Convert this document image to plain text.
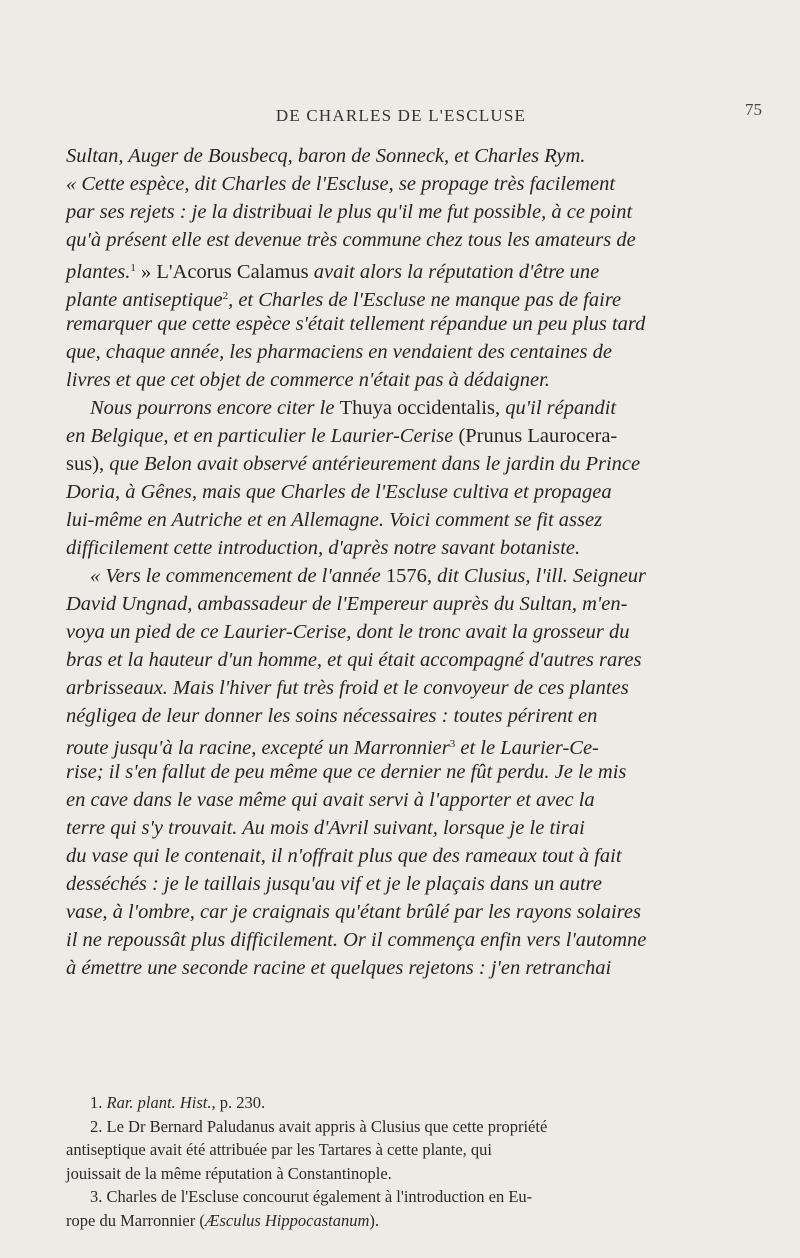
DE CHARLES DE L'ESCLUSE	75
Sultan, Auger de Bousbecq, baron de Sonneck, et Charles Rym.
« Cette espèce, dit Charles de l'Escluse, se propage très facilement
par ses rejets : je la distribuai le plus qu'il me fut possible, à ce point
qu'à présent elle est devenue très commune chez tous les amateurs de
plantes.$^1$ » L'Acorus Calamus avait alors la réputation d'être une
plante antiseptique$^2$, et Charles de l'Escluse ne manque pas de faire
remarquer que cette espèce s'était tellement répandue un peu plus tard
que, chaque année, les pharmaciens en vendaient des centaines de
livres et que cet objet de commerce n'était pas à dédaigner.
Nous pourrons encore citer le Thuya occidentalis, qu'il répandit
en Belgique, et en particulier le Laurier-Cerise (Prunus Laurocera-
sus), que Belon avait observé antérieurement dans le jardin du Prince
Doria, à Gênes, mais que Charles de l'Escluse cultiva et propagea
lui-même en Autriche et en Allemagne. Voici comment se fit assez
difficilement cette introduction, d'après notre savant botaniste.
« Vers le commencement de l'année 1576, dit Clusius, l'ill. Seigneur
David Ungnad, ambassadeur de l'Empereur auprès du Sultan, m'en-
voya un pied de ce Laurier-Cerise, dont le tronc avait la grosseur du
bras et la hauteur d'un homme, et qui était accompagné d'autres rares
arbrisseaux. Mais l'hiver fut très froid et le convoyeur de ces plantes
négligea de leur donner les soins nécessaires : toutes périrent en
route jusqu'à la racine, excepté un Marronnier$^3$ et le Laurier-Ce-
rise; il s'en fallut de peu même que ce dernier ne fût perdu. Je le mis
en cave dans le vase même qui avait servi à l'apporter et avec la
terre qui s'y trouvait. Au mois d'Avril suivant, lorsque je le tirai
du vase qui le contenait, il n'offrait plus que des rameaux tout à fait
desséchés : je le taillais jusqu'au vif et je le plaçais dans un autre
vase, à l'ombre, car je craignais qu'étant brûlé par les rayons solaires
il ne repoussât plus difficilement. Or il commença enfin vers l'automne
à émettre une seconde racine et quelques rejetons : j'en retranchai
1. Rar. plant. Hist., p. 230.
2. Le Dr Bernard Paludanus avait appris à Clusius que cette propriété
antiseptique avait été attribuée par les Tartares à cette plante, qui
jouissait de la même réputation à Constantinople.
3. Charles de l'Escluse concourut également à l'introduction en Eu-
rope du Marronnier (Æsculus Hippocastanum).
